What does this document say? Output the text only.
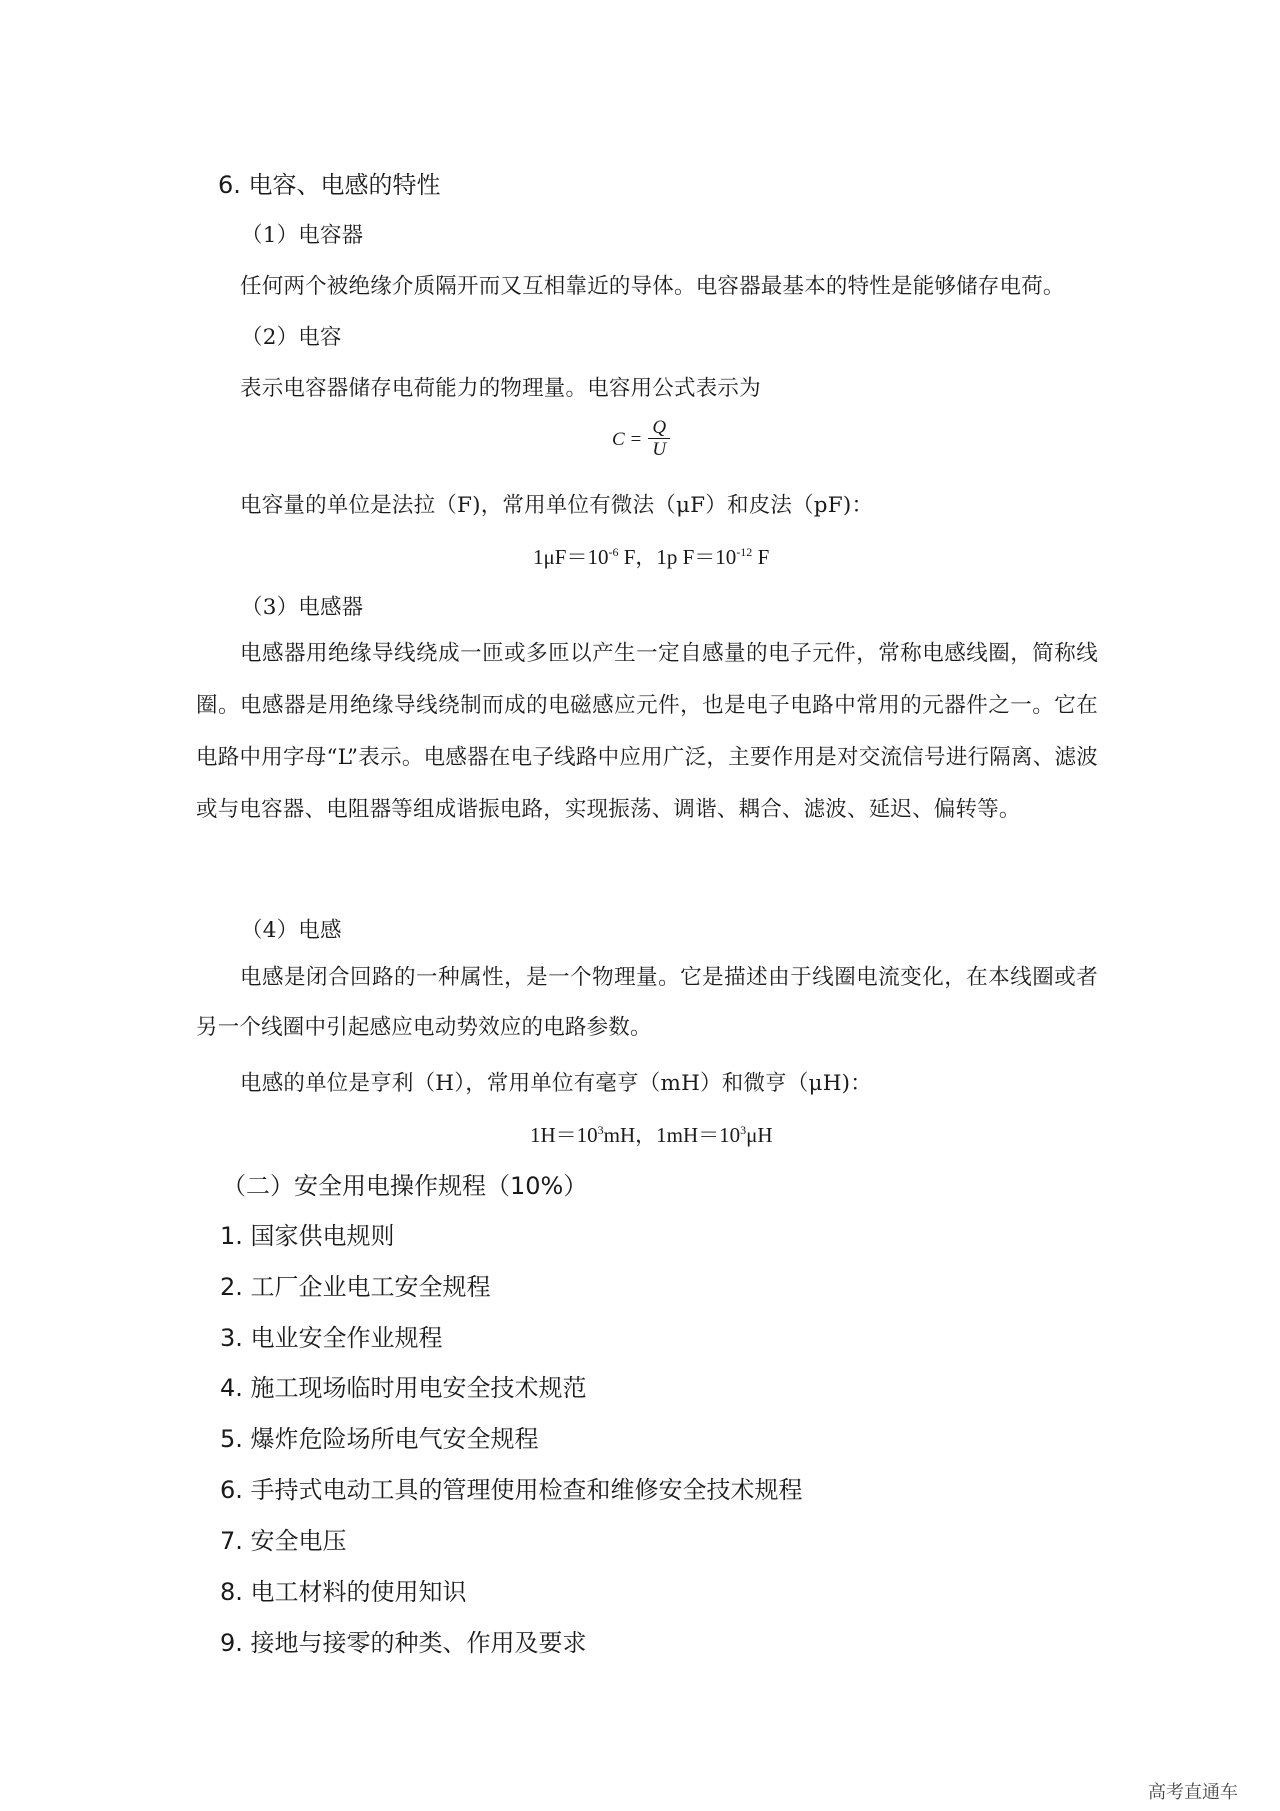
6. 电容、电感的特性
（1）电容器
任何两个被绝缘介质隔开而又互相靠近的导体。电容器最基本的特性是能够储存电荷。
（2）电容
表示电容器储存电荷能力的物理量。电容用公式表示为
$C = \frac{Q}{U}$
电容量的单位是法拉（F)，常用单位有微法（μF）和皮法（pF)：
$1\mu F=10^{-6}$ F，1p $F=10^{-12}$ F
（3）电感器
电感器用绝缘导线绕成一匝或多匝以产生一定自感量的电子元件，常称电感线圈，简称线圈。电感器是用绝缘导线绕制而成的电磁感应元件，也是电子电路中常用的元器件之一。它在电路中用字母“L”表示。电感器在电子线路中应用广泛，主要作用是对交流信号进行隔离、滤波或与电容器、电阻器等组成谐振电路，实现振荡、调谐、耦合、滤波、延迟、偏转等。
（4）电感
电感是闭合回路的一种属性，是一个物理量。它是描述由于线圈电流变化，在本线圈或者另一个线圈中引起感应电动势效应的电路参数。
电感的单位是亨利（H），常用单位有毫亨（mH）和微亨（μH)：
$1H=10^3mH$，$1mH=10^3\mu H$
（二）安全用电操作规程（10%）
1. 国家供电规则
2. 工厂企业电工安全规程
3. 电业安全作业规程
4. 施工现场临时用电安全技术规范
5. 爆炸危险场所电气安全规程
6. 手持式电动工具的管理使用检查和维修安全技术规程
7. 安全电压
8. 电工材料的使用知识
9. 接地与接零的种类、作用及要求
高考直通车
